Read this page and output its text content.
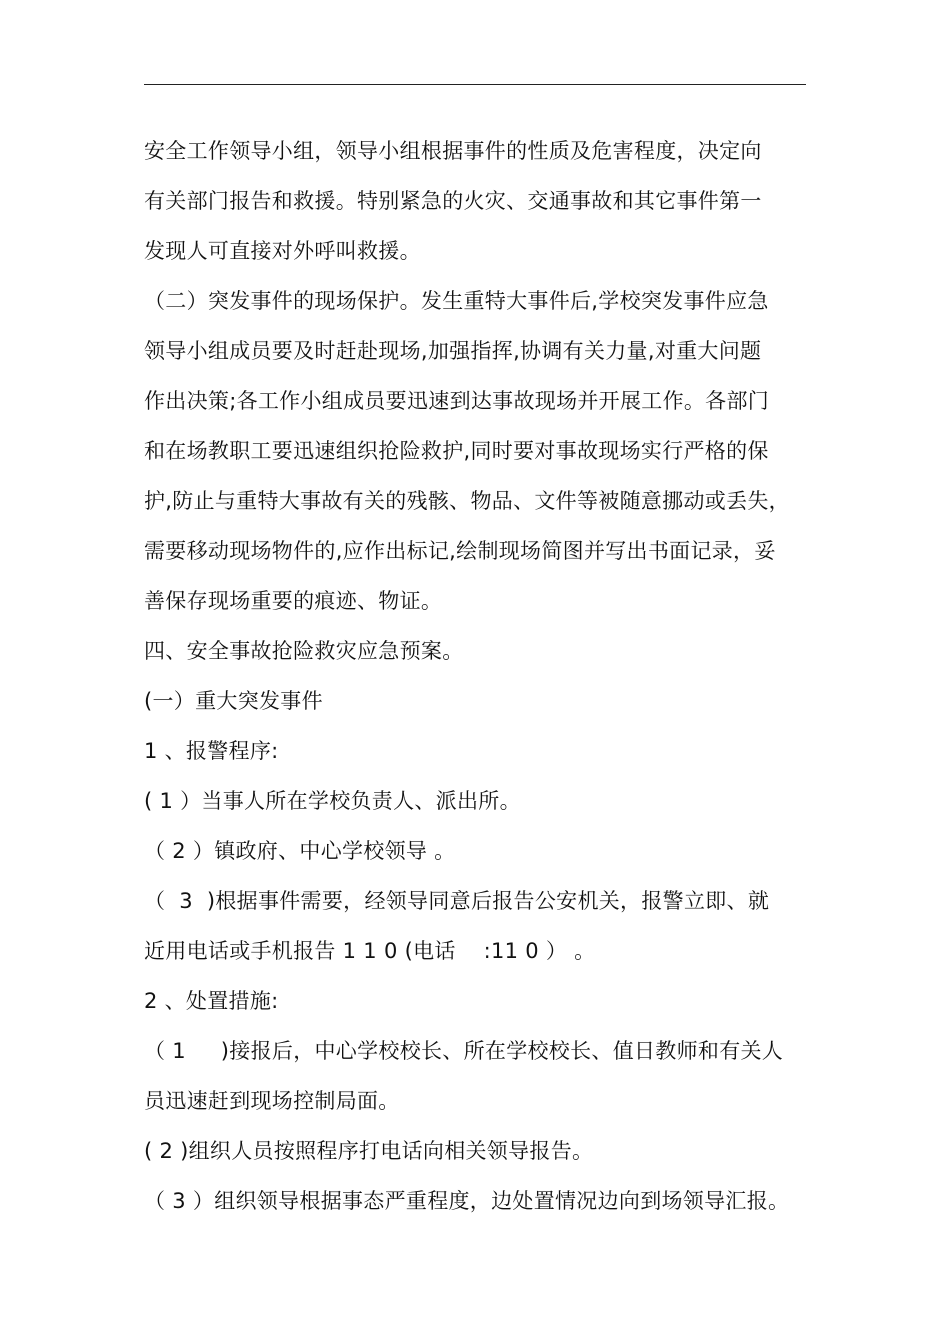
安全工作领导小组，领导小组根据事件的性质及危害程度，决定向
有关部门报告和救援。特别紧急的火灾、交通事故和其它事件第一
发现人可直接对外呼叫救援。
（二）突发事件的现场保护。发生重特大事件后,学校突发事件应急
领导小组成员要及时赶赴现场,加强指挥,协调有关力量,对重大问题
作出决策;各工作小组成员要迅速到达事故现场并开展工作。各部门
和在场教职工要迅速组织抢险救护,同时要对事故现场实行严格的保
护,防止与重特大事故有关的残骸、物品、文件等被随意挪动或丢失，
需要移动现场物件的,应作出标记,绘制现场简图并写出书面记录，妥
善保存现场重要的痕迹、物证。
四、安全事故抢险救灾应急预案。
(一）重大突发事件
1 、报警程序:
( 1 ）当事人所在学校负责人、派出所。
（ 2 ）镇政府、中心学校领导 。
（  3  )根据事件需要，经领导同意后报告公安机关，报警立即、就
近用电话或手机报告 1 1 0 (电话    :11 0 ） 。
2 、处置措施:
（ 1     )接报后，中心学校校长、所在学校校长、值日教师和有关人
员迅速赶到现场控制局面。
( 2 )组织人员按照程序打电话向相关领导报告。
（ 3 ）组织领导根据事态严重程度，边处置情况边向到场领导汇报。
